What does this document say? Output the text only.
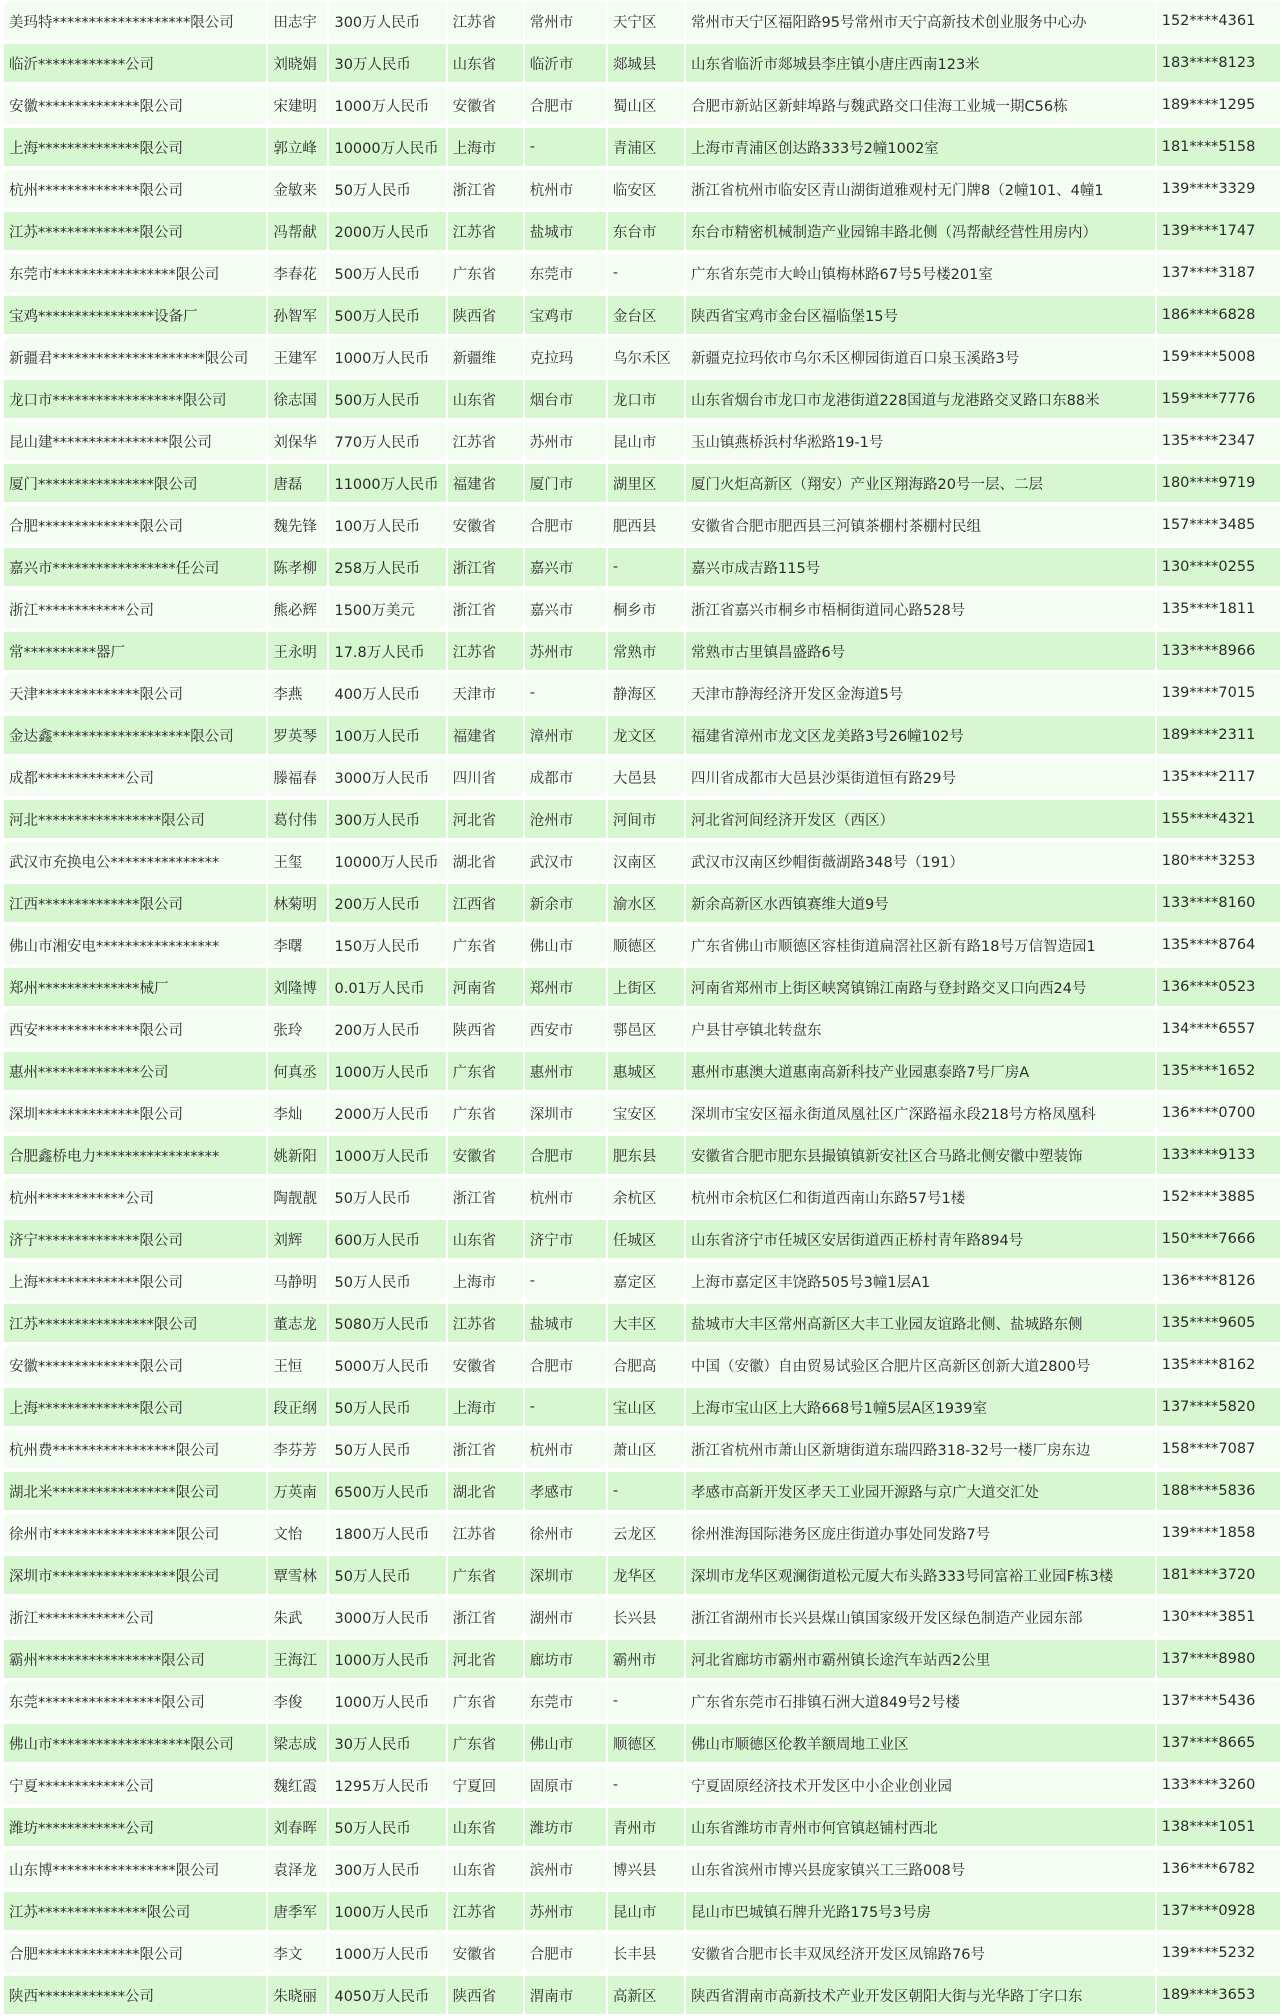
美玛特*******************限公司	田志宇	300万人民币	江苏省	常州市	天宁区	常州市天宁区福阳路95号常州市天宁高新技术创业服务中心办	152****4361
临沂************公司	刘晓娟	30万人民币	山东省	临沂市	郯城县	山东省临沂市郯城县李庄镇小唐庄西南123米	183****8123
安徽**************限公司	宋建明	1000万人民币	安徽省	合肥市	蜀山区	合肥市新站区新蚌埠路与魏武路交口佳海工业城一期C56栋	189****1295
上海**************限公司	郭立峰	10000万人民币	上海市	-	青浦区	上海市青浦区创达路333号2幢1002室	181****5158
杭州**************限公司	金敏来	50万人民币	浙江省	杭州市	临安区	浙江省杭州市临安区青山湖街道雅观村无门牌8（2幢101、4幢1	139****3329
江苏**************限公司	冯帮献	2000万人民币	江苏省	盐城市	东台市	东台市精密机械制造产业园锦丰路北侧（冯帮献经营性用房内）	139****1747
东莞市*****************限公司	李春花	500万人民币	广东省	东莞市	-	广东省东莞市大岭山镇梅林路67号5号楼201室	137****3187
宝鸡****************设备厂	孙智军	500万人民币	陕西省	宝鸡市	金台区	陕西省宝鸡市金台区福临堡15号	186****6828
新疆君*********************限公司	王建军	1000万人民币	新疆维	克拉玛	乌尔禾区	新疆克拉玛依市乌尔禾区柳园街道百口泉玉溪路3号	159****5008
龙口市******************限公司	徐志国	500万人民币	山东省	烟台市	龙口市	山东省烟台市龙口市龙港街道228国道与龙港路交叉路口东88米	159****7776
昆山建****************限公司	刘保华	770万人民币	江苏省	苏州市	昆山市	玉山镇燕桥浜村华淞路19-1号	135****2347
厦门****************限公司	唐磊	11000万人民币	福建省	厦门市	湖里区	厦门火炬高新区（翔安）产业区翔海路20号一层、二层	180****9719
合肥**************限公司	魏先锋	100万人民币	安徽省	合肥市	肥西县	安徽省合肥市肥西县三河镇茶棚村茶棚村民组	157****3485
嘉兴市*****************任公司	陈孝柳	258万人民币	浙江省	嘉兴市	-	嘉兴市成吉路115号	130****0255
浙江************公司	熊必辉	1500万美元	浙江省	嘉兴市	桐乡市	浙江省嘉兴市桐乡市梧桐街道同心路528号	135****1811
常**********器厂	王永明	17.8万人民币	江苏省	苏州市	常熟市	常熟市古里镇昌盛路6号	133****8966
天津**************限公司	李燕	400万人民币	天津市	-	静海区	天津市静海经济开发区金海道5号	139****7015
金达鑫*******************限公司	罗英琴	100万人民币	福建省	漳州市	龙文区	福建省漳州市龙文区龙美路3号26幢102号	189****2311
成都************公司	滕福春	3000万人民币	四川省	成都市	大邑县	四川省成都市大邑县沙渠街道恒有路29号	135****2117
河北*****************限公司	葛付伟	300万人民币	河北省	沧州市	河间市	河北省河间经济开发区（西区）	155****4321
武汉市充换电公***************	王玺	10000万人民币	湖北省	武汉市	汉南区	武汉市汉南区纱帽街薇湖路348号（191）	180****3253
江西**************限公司	林菊明	200万人民币	江西省	新余市	渝水区	新余高新区水西镇赛维大道9号	133****8160
佛山市湘安电*****************	李曙	150万人民币	广东省	佛山市	顺德区	广东省佛山市顺德区容桂街道扁滘社区新有路18号万信智造园1	135****8764
郑州**************械厂	刘隆博	0.01万人民币	河南省	郑州市	上街区	河南省郑州市上街区峡窝镇锦江南路与登封路交叉口向西24号	136****0523
西安**************限公司	张玲	200万人民币	陕西省	西安市	鄠邑区	户县甘亭镇北转盘东	134****6557
惠州**************公司	何真丞	1000万人民币	广东省	惠州市	惠城区	惠州市惠澳大道惠南高新科技产业园惠泰路7号厂房A	135****1652
深圳**************限公司	李灿	2000万人民币	广东省	深圳市	宝安区	深圳市宝安区福永街道凤凰社区广深路福永段218号方格凤凰科	136****0700
合肥鑫桥电力*****************	姚新阳	1000万人民币	安徽省	合肥市	肥东县	安徽省合肥市肥东县撮镇镇新安社区合马路北侧安徽中塑装饰	133****9133
杭州************公司	陶靓靓	50万人民币	浙江省	杭州市	余杭区	杭州市余杭区仁和街道西南山东路57号1楼	152****3885
济宁**************限公司	刘辉	600万人民币	山东省	济宁市	任城区	山东省济宁市任城区安居街道西正桥村青年路894号	150****7666
上海**************限公司	马静明	50万人民币	上海市	-	嘉定区	上海市嘉定区丰饶路505号3幢1层A1	136****8126
江苏****************限公司	董志龙	5080万人民币	江苏省	盐城市	大丰区	盐城市大丰区常州高新区大丰工业园友谊路北侧、盐城路东侧	135****9605
安徽**************限公司	王恒	5000万人民币	安徽省	合肥市	合肥高	中国（安徽）自由贸易试验区合肥片区高新区创新大道2800号	135****8162
上海**************限公司	段正纲	50万人民币	上海市	-	宝山区	上海市宝山区上大路668号1幢5层A区1939室	137****5820
杭州费*****************限公司	李芬芳	50万人民币	浙江省	杭州市	萧山区	浙江省杭州市萧山区新塘街道东瑞四路318-32号一楼厂房东边	158****7087
湖北米*****************限公司	万英南	6500万人民币	湖北省	孝感市	-	孝感市高新开发区孝天工业园开源路与京广大道交汇处	188****5836
徐州市*****************限公司	文怡	1800万人民币	江苏省	徐州市	云龙区	徐州淮海国际港务区庞庄街道办事处同发路7号	139****1858
深圳市*****************限公司	覃雪林	50万人民币	广东省	深圳市	龙华区	深圳市龙华区观澜街道松元厦大布头路333号同富裕工业园F栋3楼	181****3720
浙江************公司	朱武	3000万人民币	浙江省	湖州市	长兴县	浙江省湖州市长兴县煤山镇国家级开发区绿色制造产业园东部	130****3851
霸州*****************限公司	王海江	1000万人民币	河北省	廊坊市	霸州市	河北省廊坊市霸州市霸州镇长途汽车站西2公里	137****8980
东莞*****************限公司	李俊	1000万人民币	广东省	东莞市	-	广东省东莞市石排镇石洲大道849号2号楼	137****5436
佛山市*******************限公司	梁志成	30万人民币	广东省	佛山市	顺德区	佛山市顺德区伦教羊额周地工业区	137****8665
宁夏************公司	魏红霞	1295万人民币	宁夏回	固原市	-	宁夏固原经济技术开发区中小企业创业园	133****3260
潍坊************公司	刘春晖	50万人民币	山东省	潍坊市	青州市	山东省潍坊市青州市何官镇赵铺村西北	138****1051
山东博*****************限公司	袁泽龙	300万人民币	山东省	滨州市	博兴县	山东省滨州市博兴县庞家镇兴工三路008号	136****6782
江苏***************限公司	唐季军	1000万人民币	江苏省	苏州市	昆山市	昆山市巴城镇石牌升光路175号3号房	137****0928
合肥**************限公司	李文	1000万人民币	安徽省	合肥市	长丰县	安徽省合肥市长丰双凤经济开发区凤锦路76号	139****5232
陕西************公司	朱晓丽	4050万人民币	陕西省	渭南市	高新区	陕西省渭南市高新技术产业开发区朝阳大街与光华路丁字口东	189****3653
